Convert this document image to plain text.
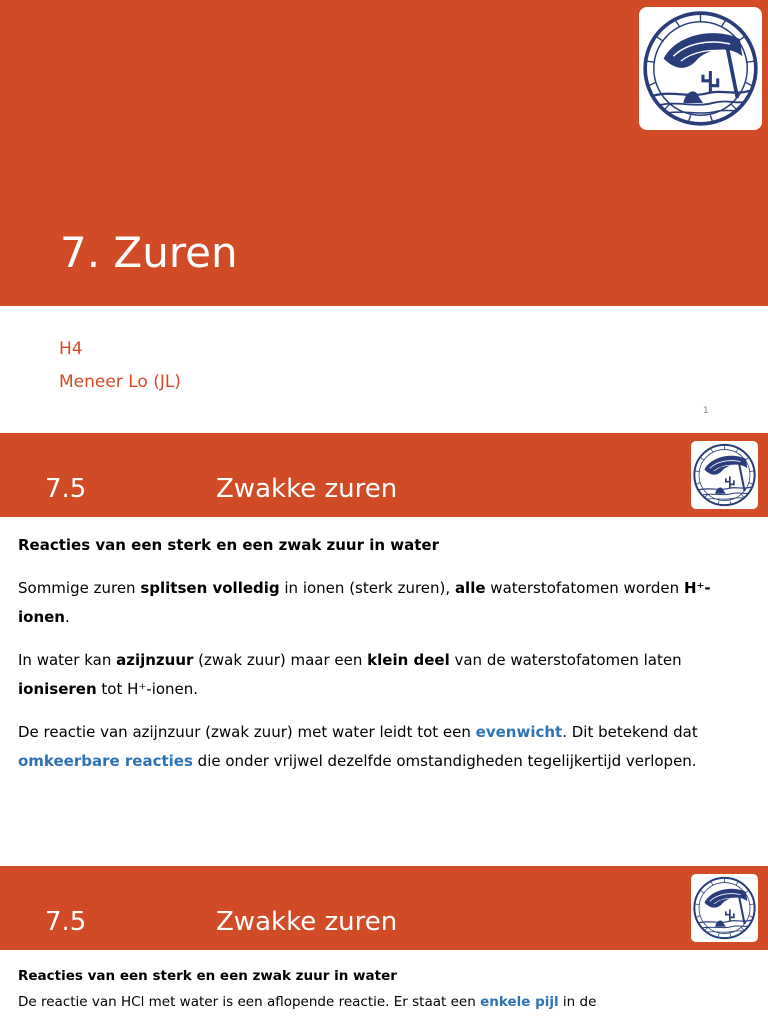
7. Zuren
H4
Meneer Lo (JL)
1
7.5	Zwakke zuren

Reacties van een sterk en een zwak zuur in water

Sommige zuren splitsen volledig in ionen (sterk zuren), alle waterstofatomen worden H⁺-ionen.

In water kan azijnzuur (zwak zuur) maar een klein deel van de waterstofatomen laten ioniseren tot H⁺-ionen.

De reactie van azijnzuur (zwak zuur) met water leidt tot een evenwicht. Dit betekend dat omkeerbare reacties die onder vrijwel dezelfde omstandigheden tegelijkertijd verlopen.

7.5	Zwakke zuren

Reacties van een sterk en een zwak zuur in water

De reactie van HCl met water is een aflopende reactie. Er staat een enkele pijl in de
